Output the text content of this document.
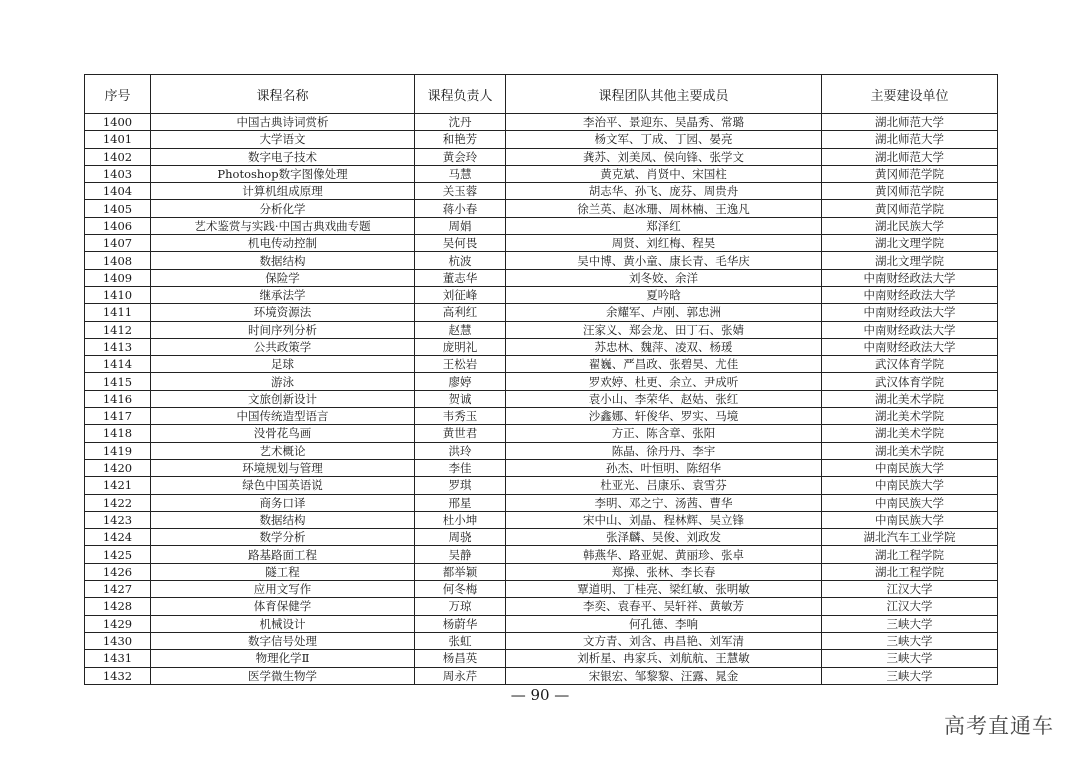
序号	课程名称	课程负责人	课程团队其他主要成员	主要建设单位
1400	中国古典诗词赏析	沈丹	李治平、景迎东、吴晶秀、常璐	湖北师范大学
1401	大学语文	和艳芳	杨文军、丁成、丁园、晏亮	湖北师范大学
1402	数字电子技术	黄会玲	龚苏、刘美凤、侯向锋、张学文	湖北师范大学
1403	Photoshop数字图像处理	马慧	黄克斌、肖贤中、宋国柱	黄冈师范学院
1404	计算机组成原理	关玉蓉	胡志华、孙飞、庞芬、周贵舟	黄冈师范学院
1405	分析化学	蒋小春	徐兰英、赵冰珊、周林楠、王逸凡	黄冈师范学院
1406	艺术鉴赏与实践·中国古典戏曲专题	周娟	郑泽红	湖北民族大学
1407	机电传动控制	吴何畏	周贤、刘红梅、程昊	湖北文理学院
1408	数据结构	杭波	吴中博、黄小童、康长青、毛华庆	湖北文理学院
1409	保险学	董志华	刘冬姣、余洋	中南财经政法大学
1410	继承法学	刘征峰	夏吟晗	中南财经政法大学
1411	环境资源法	高利红	余耀军、卢刚、郭忠洲	中南财经政法大学
1412	时间序列分析	赵慧	汪家义、郑会龙、田丁石、张婧	中南财经政法大学
1413	公共政策学	庞明礼	苏忠林、魏萍、凌双、杨瑗	中南财经政法大学
1414	足球	王松岩	翟巍、严昌政、张碧昊、尤佳	武汉体育学院
1415	游泳	廖婷	罗欢婷、杜更、余立、尹成听	武汉体育学院
1416	文旅创新设计	贺诚	袁小山、李荣华、赵姑、张红	湖北美术学院
1417	中国传统造型语言	韦秀玉	沙鑫娜、轩俊华、罗实、马境	湖北美术学院
1418	没骨花鸟画	黄世君	方正、陈含章、张阳	湖北美术学院
1419	艺术概论	洪玲	陈晶、徐丹丹、李宇	湖北美术学院
1420	环境规划与管理	李佳	孙杰、叶恒明、陈绍华	中南民族大学
1421	绿色中国英语说	罗琪	杜亚光、吕康乐、袁雪芬	中南民族大学
1422	商务口译	邢星	李明、邓之宁、汤茜、曹华	中南民族大学
1423	数据结构	杜小坤	宋中山、刘晶、程林辉、吴立锋	中南民族大学
1424	数学分析	周骁	张泽麟、吴俊、刘政发	湖北汽车工业学院
1425	路基路面工程	吴静	韩燕华、路亚妮、黄丽珍、张卓	湖北工程学院
1426	隧工程	都举颖	郑操、张林、李长春	湖北工程学院
1427	应用文写作	何冬梅	覃道明、丁桂亮、梁红敏、张明敏	江汉大学
1428	体育保健学	万琼	李奕、袁春平、吴轩祥、黄敏芳	江汉大学
1429	机械设计	杨蔚华	何孔德、李响	三峡大学
1430	数字信号处理	张虹	文方青、刘含、冉昌艳、刘军清	三峡大学
1431	物理化学Ⅱ	杨昌英	刘析星、冉家兵、刘航航、王慧敏	三峡大学
1432	医学微生物学	周永芹	宋银宏、邹黎黎、汪露、晁金	三峡大学
— 90 —
高考直通车
